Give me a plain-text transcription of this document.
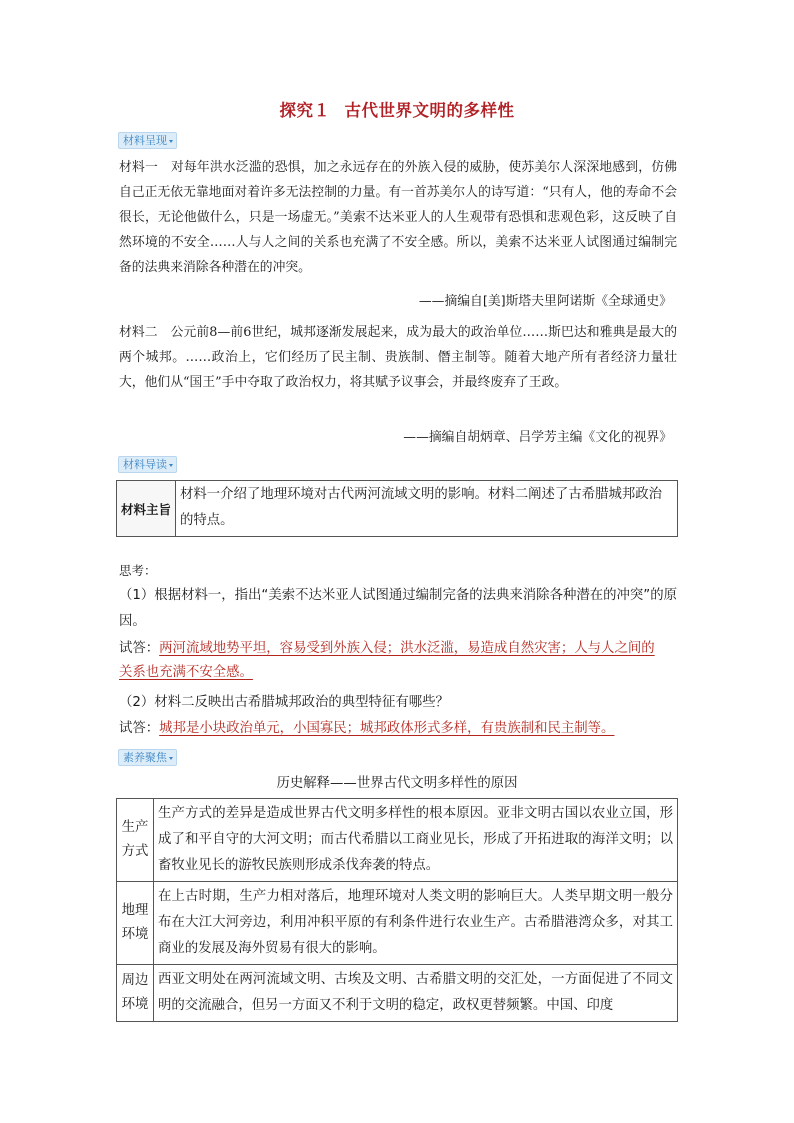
探究１ 古代世界文明的多样性
材料呈现

材料一　 对每年洪水泛滥的恐惧，加之永远存在的外族入侵的威胁，使苏美尔人深深地感到，仿佛自己正无依无靠地面对着许多无法控制的力量。有一首苏美尔人的诗写道：“只有人，他的寿命不会很长，无论他做什么，只是一场虚无。”美索不达米亚人的人生观带有恐惧和悲观色彩，这反映了自然环境的不安全……人与人之间的关系也充满了不安全感。所以，美索不达米亚人试图通过编制完备的法典来消除各种潜在的冲突。

——摘编自[美]斯塔夫里阿诺斯《全球通史》

材料二　 公元前8—前6世纪，城邦逐渐发展起来，成为最大的政治单位……斯巴达和雅典是最大的两个城邦。……政治上，它们经历了民主制、贵族制、僭主制等。随着大地产所有者经济力量壮大，他们从“国王”手中夺取了政治权力，将其赋予议事会，并最终废弃了王政。

——摘编自胡炳章、吕学芳主编《文化的视界》
材料导读
材料主旨	材料一介绍了地理环境对古代两河流域文明的影响。材料二阐述了古希腊城邦政治的特点。
思考：

（1）根据材料一，指出“美索不达米亚人试图通过编制完备的法典来消除各种潜在的冲突”的原因。

试答：两河流域地势平坦，容易受到外族入侵；洪水泛滥，易造成自然灾害；人与人之间的关系也充满不安全感。

（2）材料二反映出古希腊城邦政治的典型特征有哪些？

试答：城邦是小块政治单元，小国寡民；城邦政体形式多样，有贵族制和民主制等。
素养聚焦
历史解释——世界古代文明多样性的原因
生产方式	生产方式的差异是造成世界古代文明多样性的根本原因。亚非文明古国以农业立国，形成了和平自守的大河文明；而古代希腊以工商业见长，形成了开拓进取的海洋文明；以畜牧业见长的游牧民族则形成杀伐奔袭的特点。
地理环境	在上古时期，生产力相对落后，地理环境对人类文明的影响巨大。人类早期文明一般分布在大江大河旁边，利用冲积平原的有利条件进行农业生产。古希腊港湾众多，对其工商业的发展及海外贸易有很大的影响。
周边环境	西亚文明处在两河流域文明、古埃及文明、古希腊文明的交汇处，一方面促进了不同文明的交流融合，但另一方面又不利于文明的稳定，政权更替频繁。中国、印度
